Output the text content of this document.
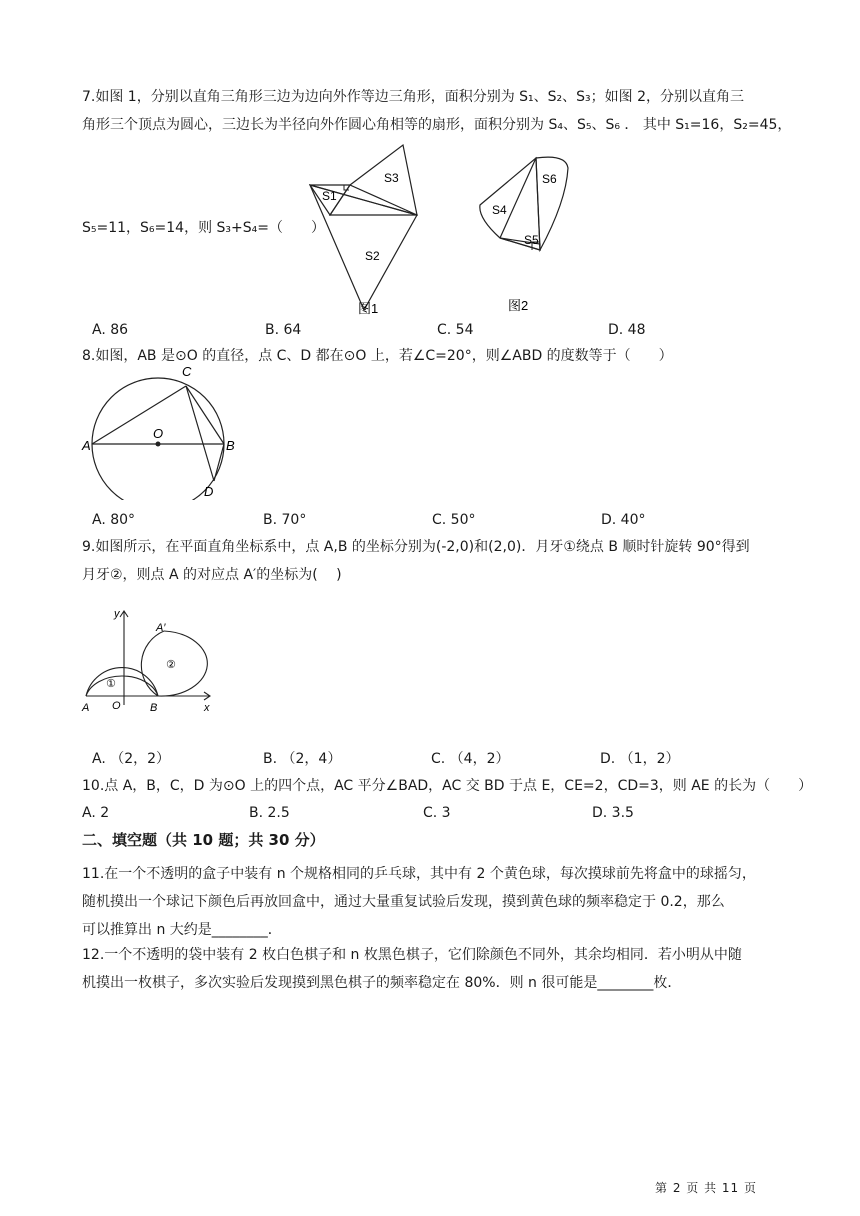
7.如图 1，分别以直角三角形三边为边向外作等边三角形，面积分别为 S₁、S₂、S₃；如图 2，分别以直角三
角形三个顶点为圆心，三边长为半径向外作圆心角相等的扇形，面积分别为 S₄、S₅、S₆ ． 其中 S₁=16，S₂=45，
S₅=11，S₆=14，则 S₃+S₄=（　　）
S1
S2
S3
图1
S6
S4
S5
图2
A. 86	B. 64	C. 54	D. 48
8.如图，AB 是⊙O 的直径，点 C、D 都在⊙O 上，若∠C=20°，则∠ABD 的度数等于（　　）
A
O
B
C
D
A. 80°	B. 70°	C. 50°	D. 40°
9.如图所示，在平面直角坐标系中，点 A,B 的坐标分别为(-2,0)和(2,0)．月牙①绕点 B 顺时针旋转 90°得到
月牙②，则点 A 的对应点 A′的坐标为(　 )
y
A′
①
②
A O	B	x
A. （2，2）	B. （2，4）	C. （4，2）	D. （1，2）
10.点 A，B，C，D 为⊙O 上的四个点，AC 平分∠BAD，AC 交 BD 于点 E，CE=2，CD=3，则 AE 的长为（　　）
A. 2	B. 2.5	C. 3	D. 3.5
二、填空题（共 10 题；共 30 分）
11.在一个不透明的盒子中装有 n 个规格相同的乒乓球，其中有 2 个黄色球，每次摸球前先将盒中的球摇匀，
随机摸出一个球记下颜色后再放回盒中，通过大量重复试验后发现，摸到黄色球的频率稳定于 0.2，那么
可以推算出 n 大约是________．
12.一个不透明的袋中装有 2 枚白色棋子和 n 枚黑色棋子，它们除颜色不同外，其余均相同．若小明从中随
机摸出一枚棋子，多次实验后发现摸到黑色棋子的频率稳定在 80%．则 n 很可能是________枚．
第 2 页 共 11 页
